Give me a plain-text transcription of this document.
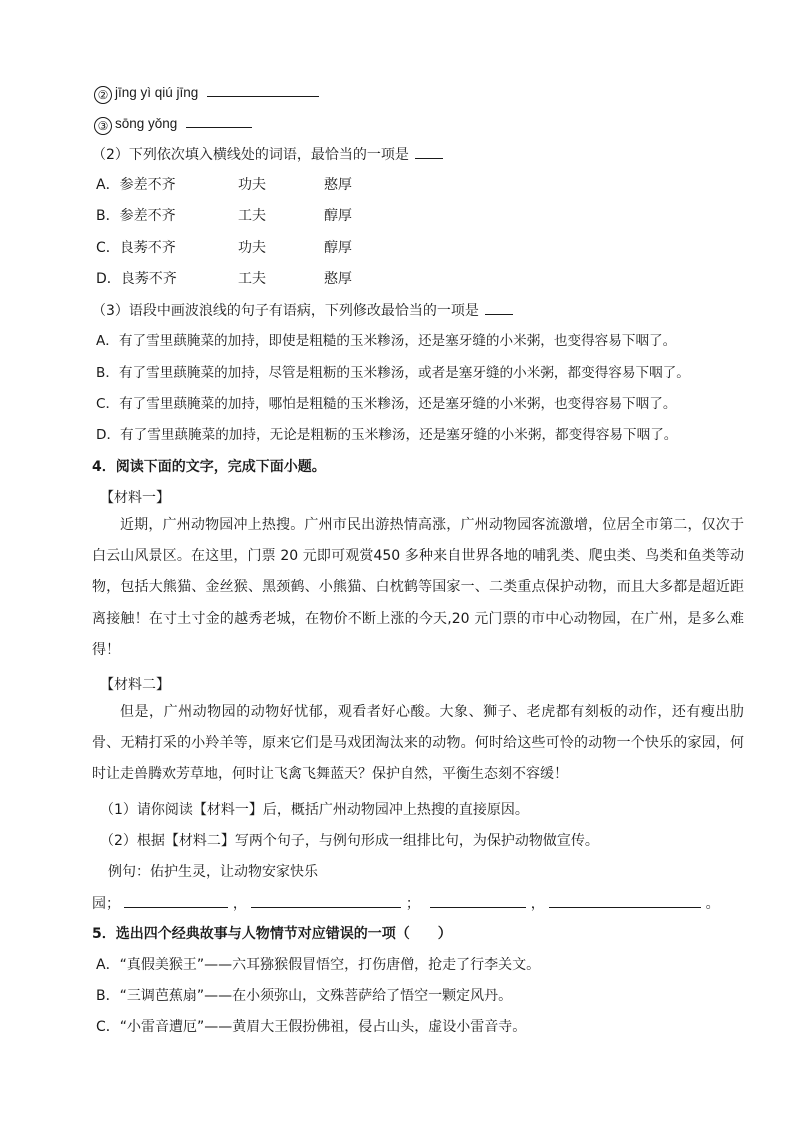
② jīng yì qiú jīng
③ sōng yǒng
（2）下列依次填入横线处的词语，最恰当的一项是
A．参差不齐	功夫	憨厚
B．参差不齐	工夫	醇厚
C．良莠不齐	功夫	醇厚
D．良莠不齐	工夫	憨厚
（3）语段中画波浪线的句子有语病，下列修改最恰当的一项是
A．有了雪里蕻腌菜的加持，即使是粗糙的玉米糁汤，还是塞牙缝的小米粥，也变得容易下咽了。
B．有了雪里蕻腌菜的加持，尽管是粗粝的玉米糁汤，或者是塞牙缝的小米粥，都变得容易下咽了。
C．有了雪里蕻腌菜的加持，哪怕是粗糙的玉米糁汤，还是塞牙缝的小米粥，也变得容易下咽了。
D．有了雪里蕻腌菜的加持，无论是粗粝的玉米糁汤，还是塞牙缝的小米粥，都变得容易下咽了。
4．阅读下面的文字，完成下面小题。
【材料一】
近期，广州动物园冲上热搜。广州市民出游热情高涨，广州动物园客流激增，位居全市第二，仅次于白云山风景区。在这里，门票 20 元即可观赏450 多种来自世界各地的哺乳类、爬虫类、鸟类和鱼类等动物，包括大熊猫、金丝猴、黑颈鹤、小熊猫、白枕鹤等国家一、二类重点保护动物，而且大多都是超近距离接触！在寸土寸金的越秀老城，在物价不断上涨的今天,20 元门票的市中心动物园，在广州，是多么难得！
【材料二】
但是，广州动物园的动物好忧郁，观看者好心酸。大象、狮子、老虎都有刻板的动作，还有瘦出肋骨、无精打采的小羚羊等，原来它们是马戏团淘汰来的动物。何时给这些可怜的动物一个快乐的家园，何时让走兽腾欢芳草地，何时让飞禽飞舞蓝天？保护自然，平衡生态刻不容缓！
（1）请你阅读【材料一】后，概括广州动物园冲上热搜的直接原因。
（2）根据【材料二】写两个句子，与例句形成一组排比句，为保护动物做宣传。
例句：佑护生灵，让动物安家快乐
园；	，	；	，	。
5．选出四个经典故事与人物情节对应错误的一项（　　）
A．“真假美猴王”——六耳猕猴假冒悟空，打伤唐僧，抢走了行李关文。
B．“三调芭蕉扇”——在小须弥山，文殊菩萨给了悟空一颗定风丹。
C．“小雷音遭厄”——黄眉大王假扮佛祖，侵占山头，虚设小雷音寺。
